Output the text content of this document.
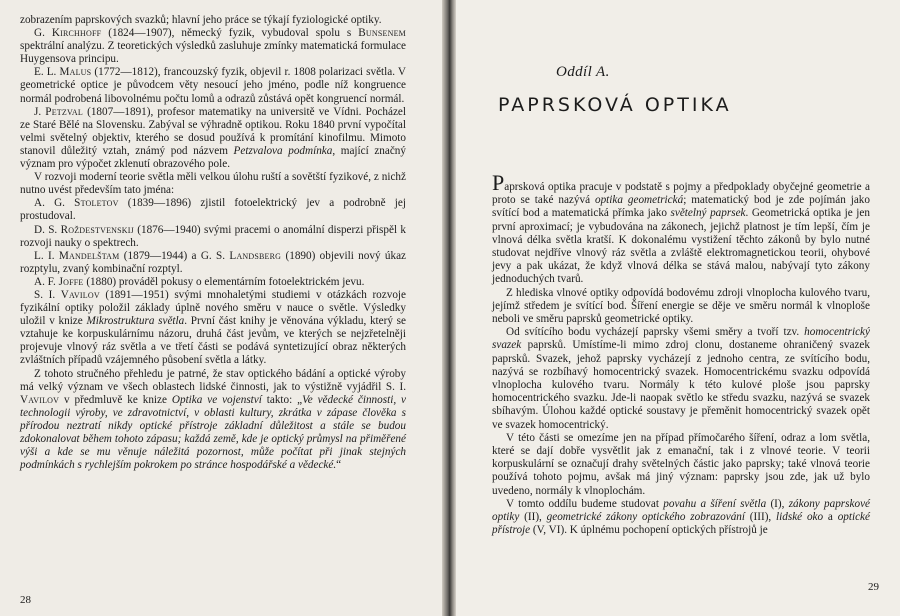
zobrazením paprskových svazků; hlavní jeho práce se týkají fyziologické optiky.

G. Kirchhoff (1824—1907), německý fyzik, vybudoval spolu s Bunsenem spektrální analýzu. Z teoretických výsledků zasluhuje zmínky matematická formulace Huygensova principu.

E. L. Malus (1772—1812), francouzský fyzik, objevil r. 1808 polarizaci světla. V geometrické optice je původcem věty nesoucí jeho jméno, podle níž kongruence normál podrobená libovolnému počtu lomů a odrazů zůstává opět kongruencí normál.

J. Petzval (1807—1891), profesor matematiky na universitě ve Vídni. Pocházel ze Staré Bělé na Slovensku. Zabýval se výhradně optikou. Roku 1840 první vypočítal velmi světelný objektiv, kterého se dosud používá k promítání kinofilmu. Mimoto stanovil důležitý vztah, známý pod názvem Petzvalova podmínka, mající značný význam pro výpočet zklenutí obrazového pole.

V rozvoji moderní teorie světla měli velkou úlohu ruští a sovětští fyzikové, z nichž nutno uvést především tato jména:

A. G. Stoletov (1839—1896) zjistil fotoelektrický jev a podrobně jej prostudoval.

D. S. Roždestvenskij (1876—1940) svými pracemi o anomální disperzi přispěl k rozvoji nauky o spektrech.

L. I. Mandelštam (1879—1944) a G. S. Landsberg (1890) objevili nový úkaz rozptylu, zvaný kombinační rozptyl.

A. F. Joffe (1880) prováděl pokusy o elementárním fotoelektrickém jevu.

S. I. Vavilov (1891—1951) svými mnohaletými studiemi v otázkách rozvoje fyzikální optiky položil základy úplně nového směru v nauce o světle. Výsledky uložil v knize Mikrostruktura světla. První část knihy je věnována výkladu, který se vztahuje ke korpuskulárnímu názoru, druhá část jevům, ve kterých se nejzřetelněji projevuje vlnový ráz světla a ve třetí části se podává syntetizující obraz některých zvláštních případů vzájemného působení světla a látky.

Z tohoto stručného přehledu je patrné, že stav optického bádání a optické výroby má velký význam ve všech oblastech lidské činnosti, jak to výstižně vyjádřil S. I. Vavilov v předmluvě ke knize Optika ve vojenství takto: „Ve vědecké činnosti, v technologii výroby, ve zdravotnictví, v oblasti kultury, zkrátka v zápase člověka s přírodou neztratí nikdy optické přístroje základní důležitost a stále se budou zdokonalovat během tohoto zápasu; každá země, kde je optický průmysl na přiměřené výši a kde se mu věnuje náležitá pozornost, může počítat při jinak stejných podmínkách s rychlejším pokrokem po stránce hospodářské a vědecké.“

28
Oddíl A.
PAPRSKOVÁ OPTIKA

Paprsková optika pracuje v podstatě s pojmy a předpoklady obyčejné geometrie a proto se také nazývá optika geometrická; matematický bod je zde pojímán jako svítící bod a matematická přímka jako světelný paprsek. Geometrická optika je jen první aproximací; je vybudována na zákonech, jejichž platnost je tím lepší, čím je vlnová délka světla kratší. K dokonalému vystižení těchto zákonů by bylo nutné studovat nejdříve vlnový ráz světla a zvláště elektromagnetickou teorii, ohybové jevy a pak ukázat, že když vlnová délka se stává malou, nabývají tyto zákony jednoduchých tvarů.

Z hlediska vlnové optiky odpovídá bodovému zdroji vlnoplocha kulového tvaru, jejímž středem je svítící bod. Šíření energie se děje ve směru normál k vlnoploše neboli ve směru paprsků geometrické optiky.

Od svítícího bodu vycházejí paprsky všemi směry a tvoří tzv. homocentrický svazek paprsků. Umístíme-li mimo zdroj clonu, dostaneme ohraničený svazek paprsků. Svazek, jehož paprsky vycházejí z jednoho centra, ze svítícího bodu, nazývá se rozbíhavý homocentrický svazek. Homocentrickému svazku odpovídá vlnoplocha kulového tvaru. Normály k této kulové ploše jsou paprsky homocentrického svazku. Jde-li naopak světlo ke středu svazku, nazývá se svazek sbíhavým. Úlohou každé optické soustavy je přeměnit homocentrický svazek opět ve svazek homocentrický.

V této části se omezíme jen na případ přímočarého šíření, odraz a lom světla, které se dají dobře vysvětlit jak z emanační, tak i z vlnové teorie. V teorii korpuskulární se označují drahy světelných částic jako paprsky; také vlnová teorie používá tohoto pojmu, avšak má jiný význam: paprsky jsou zde, jak už bylo uvedeno, normály k vlnoplochám.

V tomto oddílu budeme studovat povahu a šíření světla (I), zákony paprskové optiky (II), geometrické zákony optického zobrazování (III), lidské oko a optické přístroje (V, VI). K úplnému pochopení optických přístrojů je

29
